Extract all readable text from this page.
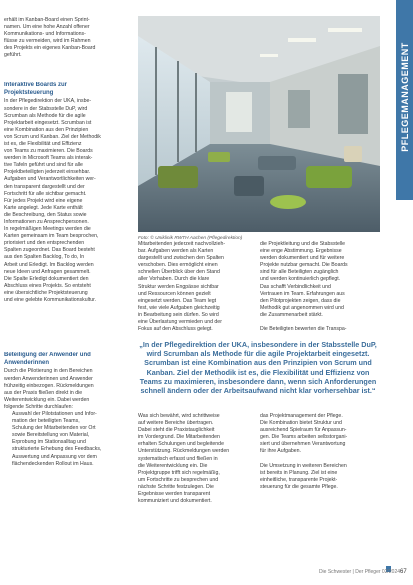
erhält im Kanban-Board einen Sprint-
namen. Um eine hohe Anzahl offener
Kommunikations- und Informations-
flüsse zu vermeiden, wird im Rahmen
des Projekts ein eigenes Kanban-Board
geführt.
Interaktive Boards zur
Projektsteuerung
In der Pflegedirektion der UKA, insbe-
sondere in der Stabsstelle DuP, wird
Scrumban als Methode für die agile
Projektarbeit eingesetzt. Scrumban ist
eine Kombination aus den Prinzipien
von Scrum und Kanban. Ziel der Methodik
ist es, die Flexibilität und Effizienz
von Teams zu maximieren. Die Boards
werden in Microsoft Teams als interak-
tive Tafeln geführt und sind für alle
Projektbeteiligten jederzeit einsehbar.
Aufgaben und Verantwortlichkeiten wer-
den transparent dargestellt und der
Fortschritt für alle sichtbar gemacht.
Für jedes Projekt wird eine eigene
Karte angelegt. Jede Karte enthält
die Beschreibung, den Status sowie
Informationen zu Ansprechpersonen.
In regelmäßigen Meetings werden die
Karten gemeinsam im Team besprochen,
priorisiert und den entsprechenden
Spalten zugeordnet. Das Board besteht
aus den Spalten Backlog, To do, In
Arbeit und Erledigt. Im Backlog werden
neue Ideen und Anfragen gesammelt.
Die Spalte Erledigt dokumentiert den
Abschluss eines Projekts. So entsteht
eine übersichtliche Projektsteuerung
und eine gelebte Kommunikationskultur.
Beteiligung der Anwender und
Anwenderinnen
Durch die Pilotierung in den Bereichen
werden Anwenderinnen und Anwender
frühzeitig einbezogen. Rückmeldungen
aus der Praxis fließen direkt in die
Weiterentwicklung ein. Dabei werden
folgende Schritte durchlaufen:
Auswahl der Pilotstationen und Infor-
mation der beteiligten Teams,
Schulung der Mitarbeitenden vor Ort
sowie Bereitstellung von Material,
Erprobung im Stationsalltag und
strukturierte Erhebung des Feedbacks,
Auswertung und Anpassung vor dem
flächendeckenden Rollout im Haus.
Foto: © Uniklinik RWTH Aachen (Pflegedirektion)
PFLEGEMANAGEMENT
Mitarbeitenden jederzeit nachvollzieh-
bar. Aufgaben werden als Karten
dargestellt und zwischen den Spalten
verschoben. Dies ermöglicht einen
schnellen Überblick über den Stand
aller Vorhaben. Durch die klare
Struktur werden Engpässe sichtbar
und Ressourcen können gezielt
eingesetzt werden. Das Team legt
fest, wie viele Aufgaben gleichzeitig
in Bearbeitung sein dürfen. So wird
eine Überlastung vermieden und der
Fokus auf den Abschluss gelegt.
die Projektleitung und die Stabsstelle
eine enge Abstimmung. Ergebnisse
werden dokumentiert und für weitere
Projekte nutzbar gemacht. Die Boards
sind für alle Beteiligten zugänglich
und werden kontinuierlich gepflegt.
Das schafft Verbindlichkeit und
Vertrauen im Team. Erfahrungen aus
den Pilotprojekten zeigen, dass die
Methodik gut angenommen wird und
die Zusammenarbeit stärkt.
Die Beteiligten bewerten die Transpa-
„In der Pflegedirektion der UKA, insbesondere in der Stabsstelle DuP, wird Scrumban als Methode für die agile Projektarbeit eingesetzt. Scrumban ist eine Kombination aus den Prinzipien von Scrum und Kanban. Ziel der Methodik ist es, die Flexibilität und Effizienz von Teams zu maximieren, insbesondere dann, wenn sich Anforderungen schnell ändern oder der Arbeitsaufwand nicht klar vorhersehbar ist.“
Was sich bewährt, wird schrittweise
auf weitere Bereiche übertragen.
Dabei steht die Praxistauglichkeit
im Vordergrund. Die Mitarbeitenden
erhalten Schulungen und begleitende
Unterstützung. Rückmeldungen werden
systematisch erfasst und fließen in
die Weiterentwicklung ein. Die
Projektgruppe trifft sich regelmäßig,
um Fortschritte zu besprechen und
nächste Schritte festzulegen. Die
Ergebnisse werden transparent
kommuniziert und dokumentiert.
das Projektmanagement der Pflege.
Die Kombination bietet Struktur und
ausreichend Spielraum für Anpassun-
gen. Die Teams arbeiten selbstorgani-
siert und übernehmen Verantwortung
für ihre Aufgaben.
Die Umsetzung in weiteren Bereichen
ist bereits in Planung. Ziel ist eine
einheitliche, transparente Projekt-
steuerung für die gesamte Pflege.
Die Schwester | Der Pfleger 02/2024 67
